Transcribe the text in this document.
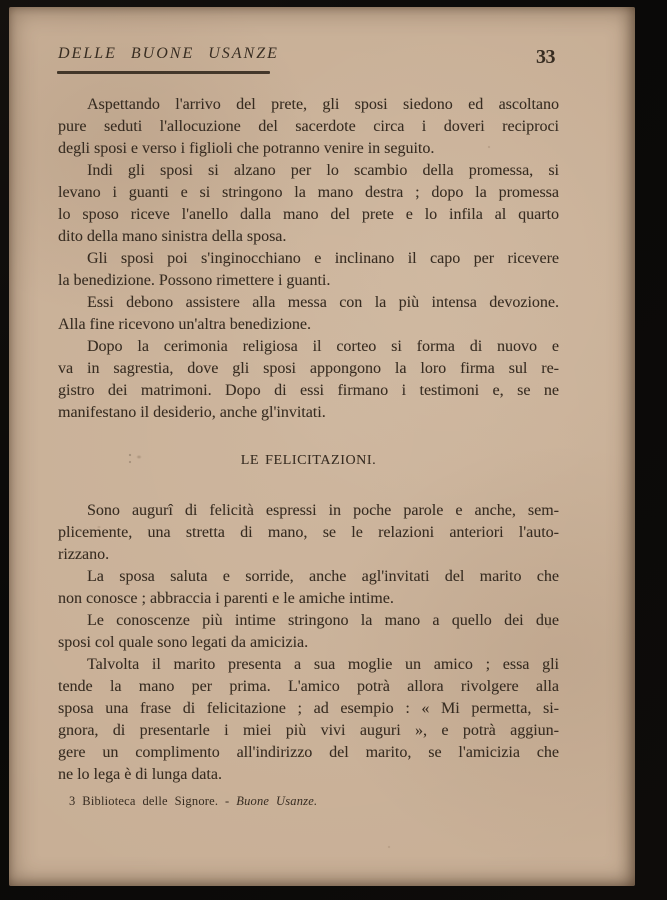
DELLE BUONE USANZE	33
Aspettando l'arrivo del prete, gli sposi siedono ed ascoltano
pure seduti l'allocuzione del sacerdote circa i doveri reciproci
degli sposi e verso i figlioli che potranno venire in seguito.
Indi gli sposi si alzano per lo scambio della promessa, si
levano i guanti e si stringono la mano destra ; dopo la promessa
lo sposo riceve l'anello dalla mano del prete e lo infila al quarto
dito della mano sinistra della sposa.
Gli sposi poi s'inginocchiano e inclinano il capo per ricevere
la benedizione. Possono rimettere i guanti.
Essi debono assistere alla messa con la più intensa devozione.
Alla fine ricevono un'altra benedizione.
Dopo la cerimonia religiosa il corteo si forma di nuovo e
va in sagrestia, dove gli sposi appongono la loro firma sul re-
gistro dei matrimoni. Dopo di essi firmano i testimoni e, se ne
manifestano il desiderio, anche gl'invitati.
LE FELICITAZIONI.
Sono augurî di felicità espressi in poche parole e anche, sem-
plicemente, una stretta di mano, se le relazioni anteriori l'auto-
rizzano.
La sposa saluta e sorride, anche agl'invitati del marito che
non conosce ; abbraccia i parenti e le amiche intime.
Le conoscenze più intime stringono la mano a quello dei due
sposi col quale sono legati da amicizia.
Talvolta il marito presenta a sua moglie un amico ; essa gli
tende la mano per prima. L'amico potrà allora rivolgere alla
sposa una frase di felicitazione ; ad esempio : « Mi permetta, si-
gnora, di presentarle i miei più vivi auguri », e potrà aggiun-
gere un complimento all'indirizzo del marito, se l'amicizia che
ne lo lega è di lunga data.
3 Biblioteca delle Signore. - Buone Usanze.
